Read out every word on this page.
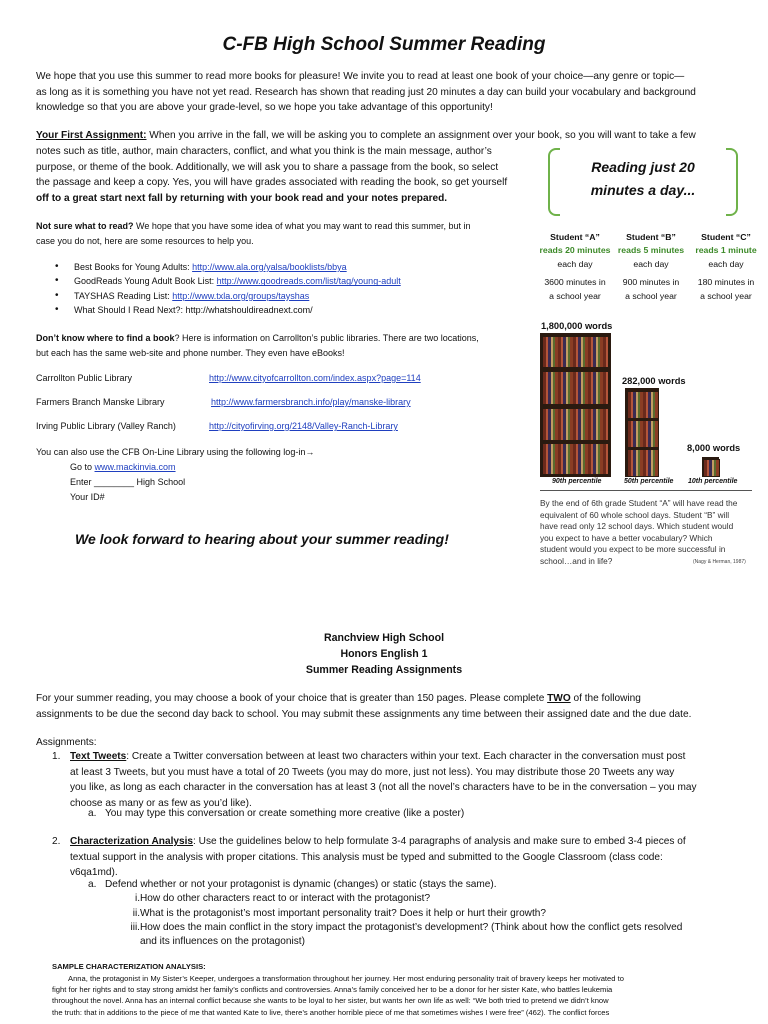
C-FB High School Summer Reading
We hope that you use this summer to read more books for pleasure! We invite you to read at least one book of your choice—any genre or topic—
as long as it is something you have not yet read. Research has shown that reading just 20 minutes a day can build your vocabulary and background
knowledge so that you are above your grade-level, so we hope you take advantage of this opportunity!
Your First Assignment: When you arrive in the fall, we will be asking you to complete an assignment over your book, so you will want to take a few
notes such as title, author, main characters, conflict, and what you think is the main message, author’s
purpose, or theme of the book. Additionally, we will ask you to share a passage from the book, so select
the passage and keep a copy. Yes, you will have grades associated with reading the book, so get yourself
off to a great start next fall by returning with your book read and your notes prepared.
Not sure what to read? We hope that you have some idea of what you may want to read this summer, but in
case you do not, here are some resources to help you.
• Best Books for Young Adults: http://www.ala.org/yalsa/booklists/bbya
• GoodReads Young Adult Book List: http://www.goodreads.com/list/tag/young-adult
• TAYSHAS Reading List: http://www.txla.org/groups/tayshas
• What Should I Read Next?: http://whatshouldireadnext.com/
Don’t know where to find a book? Here is information on Carrollton’s public libraries. There are two locations,
but each has the same web-site and phone number. They even have eBooks!
Carrollton Public Library	http://www.cityofcarrollton.com/index.aspx?page=114
Farmers Branch Manske Library	http://www.farmersbranch.info/play/manske-library
Irving Public Library (Valley Ranch)	http://cityofirving.org/2148/Valley-Ranch-Library
You can also use the CFB On-Line Library using the following log-in→
Go to www.mackinvia.com
Enter ________ High School
Your ID#
We look forward to hearing about your summer reading!
Reading just 20
minutes a day...
Student “A”
reads 20 minutes
each day
3600 minutes in
a school year
Student “B”
reads 5 minutes
each day
900 minutes in
a school year
Student “C”
reads 1 minute
each day
180 minutes in
a school year
1,800,000 words
282,000 words
8,000 words
90th percentile	50th percentile 10th percentile
By the end of 6th grade Student “A” will have read the
equivalent of 60 whole school days. Student “B” will
have read only 12 school days. Which student would
you expect to have a better vocabulary? Which
student would you expect to be more successful in
school…and in life?	(Nagy & Herman, 1987)
Ranchview High School
Honors English 1
Summer Reading Assignments
For your summer reading, you may choose a book of your choice that is greater than 150 pages. Please complete TWO of the following
assignments to be due the second day back to school. You may submit these assignments any time between their assigned date and the due date.
Assignments:
1. Text Tweets: Create a Twitter conversation between at least two characters within your text. Each character in the conversation must post
at least 3 Tweets, but you must have a total of 20 Tweets (you may do more, just not less). You may distribute those 20 Tweets any way
you like, as long as each character in the conversation has at least 3 (not all the novel’s characters have to be in the conversation – you may
choose as many or as few as you’d like).
a. You may type this conversation or create something more creative (like a poster)
2. Characterization Analysis: Use the guidelines below to help formulate 3-4 paragraphs of analysis and make sure to embed 3-4 pieces of
textual support in the analysis with proper citations. This analysis must be typed and submitted to the Google Classroom (class code:
v6qa1md).
a. Defend whether or not your protagonist is dynamic (changes) or static (stays the same).
i. How do other characters react to or interact with the protagonist?
ii. What is the protagonist’s most important personality trait? Does it help or hurt their growth?
iii. How does the main conflict in the story impact the protagonist’s development? (Think about how the conflict gets resolved
and its influences on the protagonist)
SAMPLE CHARACTERIZATION ANALYSIS:
Anna, the protagonist in My Sister’s Keeper, undergoes a transformation throughout her journey. Her most enduring personality trait of bravery keeps her motivated to
fight for her rights and to stay strong amidst her family’s conflicts and controversies. Anna’s family conceived her to be a donor for her sister Kate, who battles leukemia
throughout the novel. Anna has an internal conflict because she wants to be loyal to her sister, but wants her own life as well: “We both tried to pretend we didn’t know
the truth: that in additions to the piece of me that wanted Kate to live, there’s another horrible piece of me that sometimes wishes I were free” (462). The conflict forces
